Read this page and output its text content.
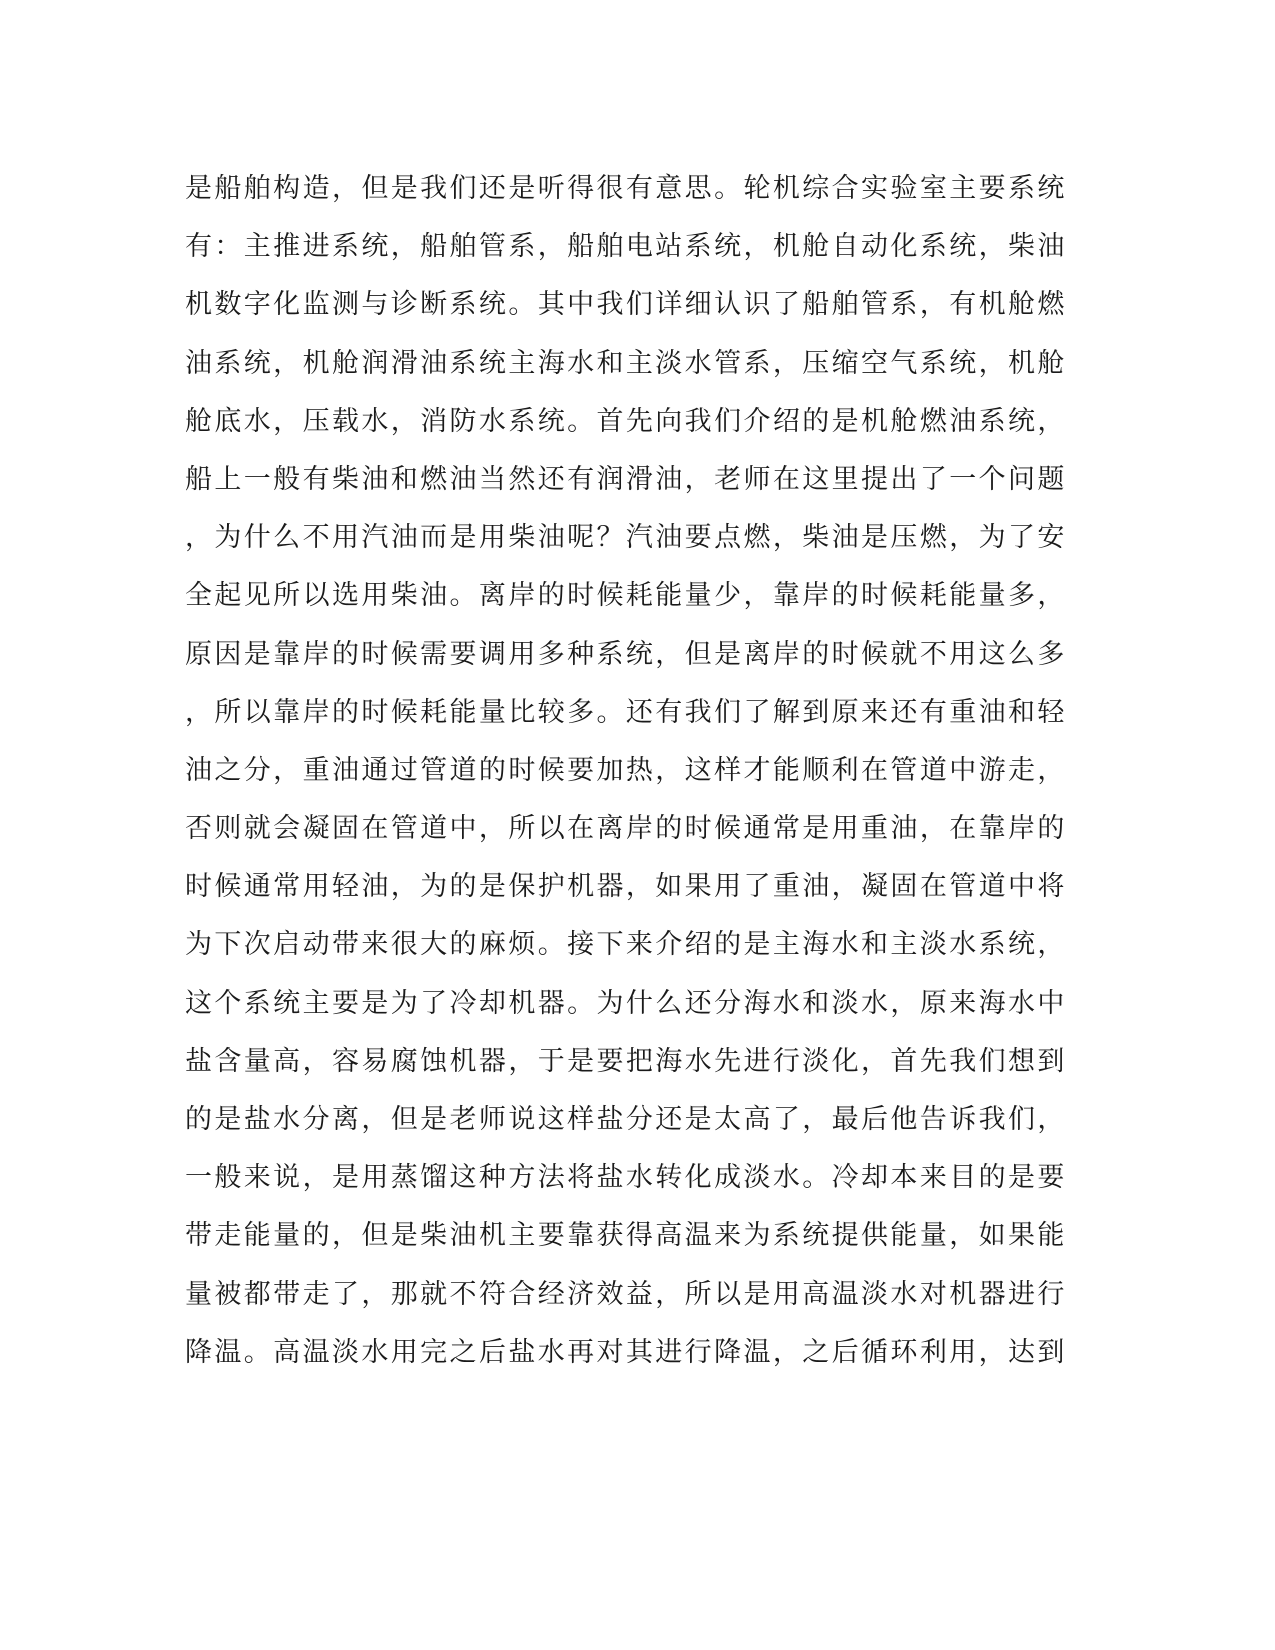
是船舶构造，但是我们还是听得很有意思。轮机综合实验室主要系统
有：主推进系统，船舶管系，船舶电站系统，机舱自动化系统，柴油
机数字化监测与诊断系统。其中我们详细认识了船舶管系，有机舱燃
油系统，机舱润滑油系统主海水和主淡水管系，压缩空气系统，机舱
舱底水，压载水，消防水系统。首先向我们介绍的是机舱燃油系统，
船上一般有柴油和燃油当然还有润滑油，老师在这里提出了一个问题
，为什么不用汽油而是用柴油呢？汽油要点燃，柴油是压燃，为了安
全起见所以选用柴油。离岸的时候耗能量少，靠岸的时候耗能量多，
原因是靠岸的时候需要调用多种系统，但是离岸的时候就不用这么多
，所以靠岸的时候耗能量比较多。还有我们了解到原来还有重油和轻
油之分，重油通过管道的时候要加热，这样才能顺利在管道中游走，
否则就会凝固在管道中，所以在离岸的时候通常是用重油，在靠岸的
时候通常用轻油，为的是保护机器，如果用了重油，凝固在管道中将
为下次启动带来很大的麻烦。接下来介绍的是主海水和主淡水系统，
这个系统主要是为了冷却机器。为什么还分海水和淡水，原来海水中
盐含量高，容易腐蚀机器，于是要把海水先进行淡化，首先我们想到
的是盐水分离，但是老师说这样盐分还是太高了，最后他告诉我们，
一般来说，是用蒸馏这种方法将盐水转化成淡水。冷却本来目的是要
带走能量的，但是柴油机主要靠获得高温来为系统提供能量，如果能
量被都带走了，那就不符合经济效益，所以是用高温淡水对机器进行
降温。高温淡水用完之后盐水再对其进行降温，之后循环利用，达到
